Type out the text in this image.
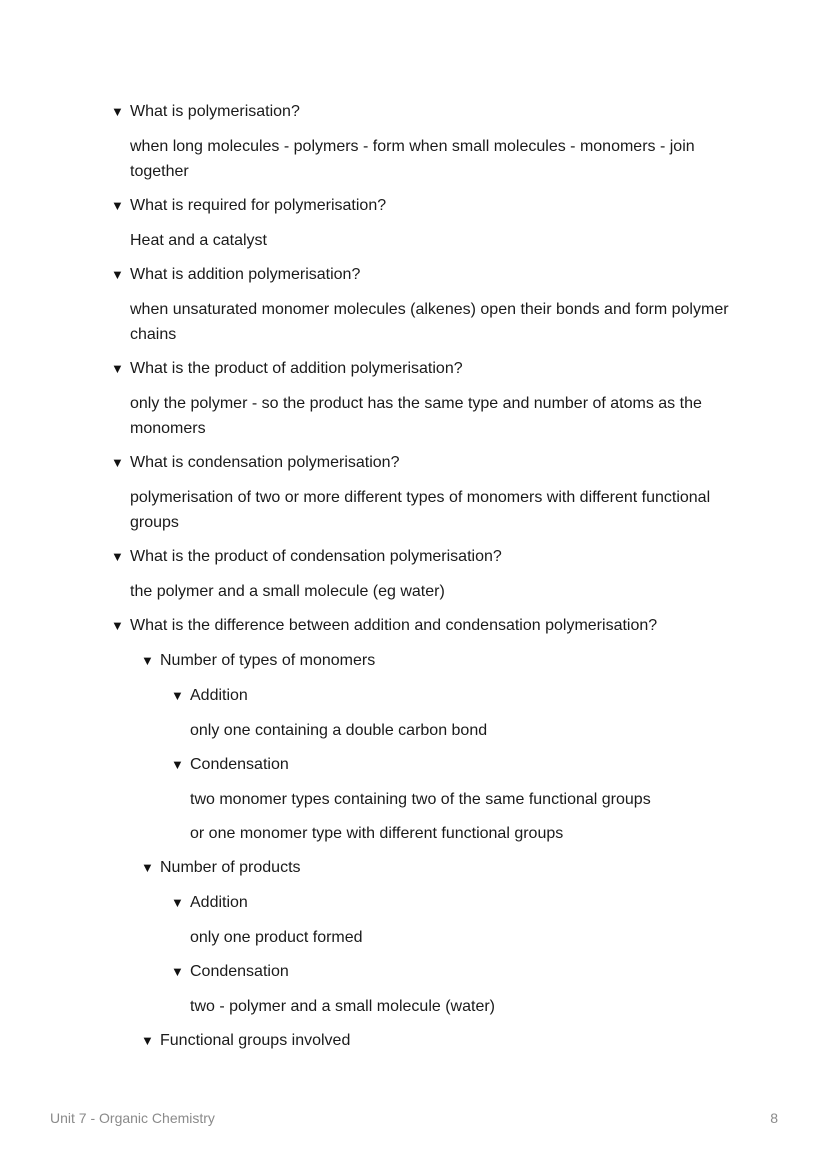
▼ What is polymerisation?
when long molecules - polymers - form when small molecules - monomers - join together
▼ What is required for polymerisation?
Heat and a catalyst
▼ What is addition polymerisation?
when unsaturated monomer molecules (alkenes) open their bonds and form polymer chains
▼ What is the product of addition polymerisation?
only the polymer - so the product has the same type and number of atoms as the monomers
▼ What is condensation polymerisation?
polymerisation of two or more different types of monomers with different functional groups
▼ What is the product of condensation polymerisation?
the polymer and a small molecule (eg water)
▼ What is the difference between addition and condensation polymerisation?
▼ Number of types of monomers
▼ Addition
only one containing a double carbon bond
▼ Condensation
two monomer types containing two of the same functional groups
or one monomer type with different functional groups
▼ Number of products
▼ Addition
only one product formed
▼ Condensation
two - polymer and a small molecule (water)
▼ Functional groups involved
Unit 7 - Organic Chemistry	8
